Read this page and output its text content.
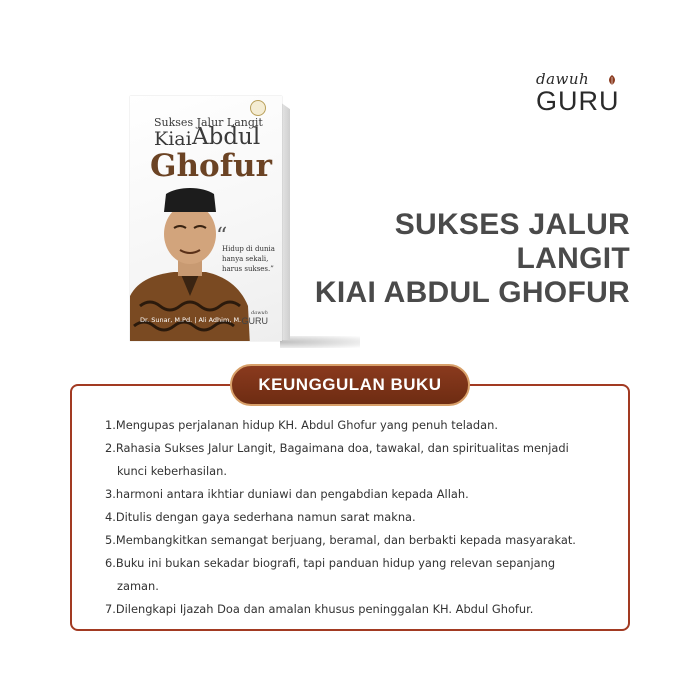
dawuh
GURU
Sukses Jalur Langit
Kiai Abdul
Ghofur
“
Hidup di dunia hanya sekali, harus sukses.”
Dr. Sunar, M.Pd. | Ali Adhim, M.
dawuh
GURU
SUKSES JALUR LANGIT
KIAI ABDUL GHOFUR
KEUNGGULAN BUKU
1. Mengupas perjalanan hidup KH. Abdul Ghofur yang penuh teladan.
2. Rahasia Sukses Jalur Langit, Bagaimana doa, tawakal, dan spiritualitas menjadi
kunci keberhasilan.
3. harmoni antara ikhtiar duniawi dan pengabdian kepada Allah.
4. Ditulis dengan gaya sederhana namun sarat makna.
5. Membangkitkan semangat berjuang, beramal, dan berbakti kepada masyarakat.
6. Buku ini bukan sekadar biografi, tapi panduan hidup yang relevan sepanjang
zaman.
7. Dilengkapi Ijazah Doa dan amalan khusus peninggalan KH. Abdul Ghofur.
